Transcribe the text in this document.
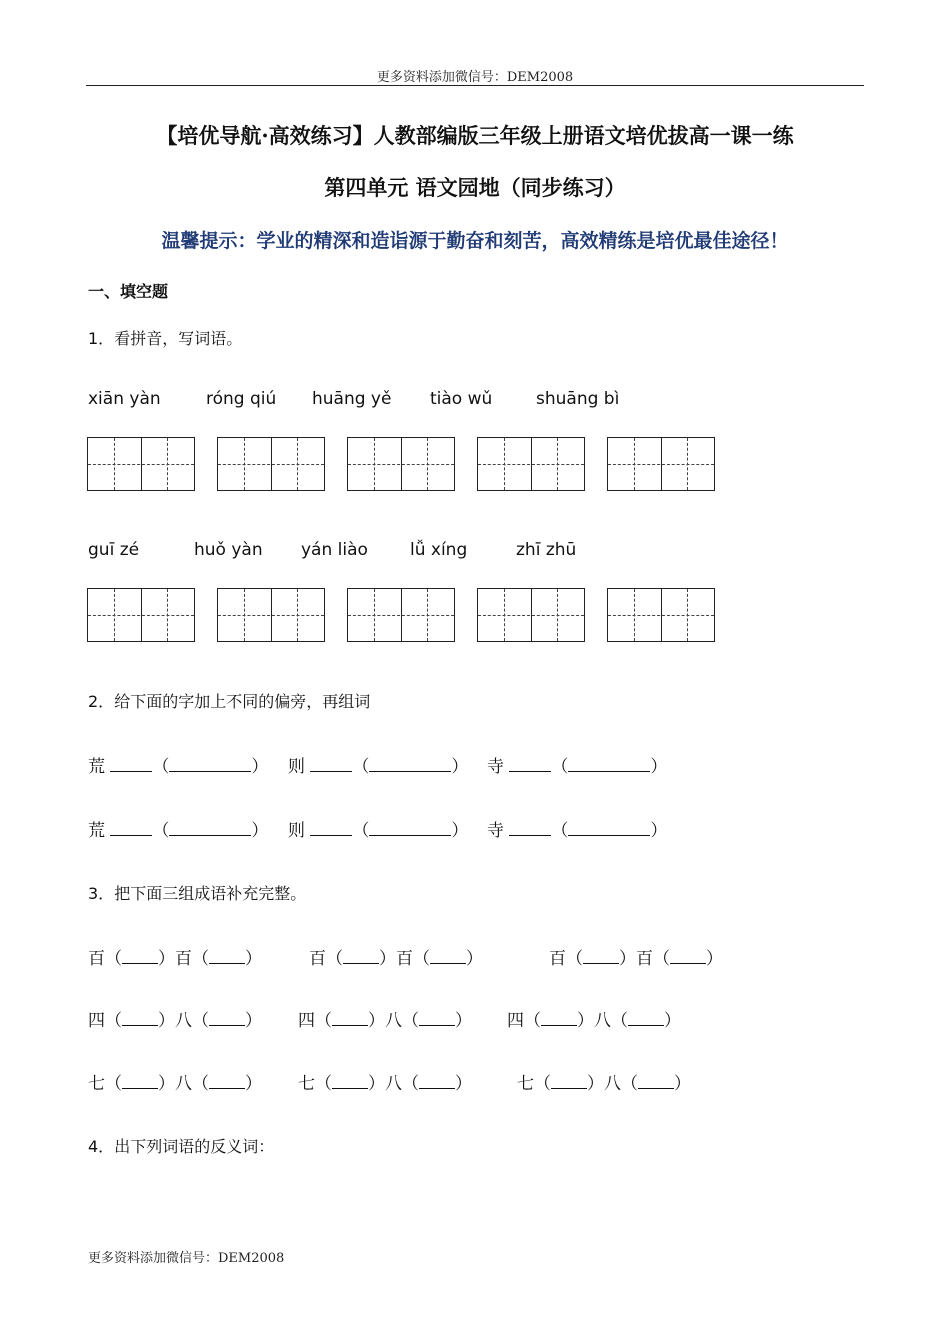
更多资料添加微信号：DEM2008
【培优导航·高效练习】人教部编版三年级上册语文培优拔高一课一练
第四单元 语文园地（同步练习）
温馨提示：学业的精深和造诣源于勤奋和刻苦，高效精练是培优最佳途径！
一、填空题
1．看拼音，写词语。
xiān yàn	róng qiú huāng yě tiào wǔ	shuāng bì
guī zé	huǒ yàn yán liào lǚ xíng	zhī zhū
2．给下面的字加上不同的偏旁，再组词
荒	（	） 则	（	） 寺	（	）
荒	（	） 则	（	） 寺	（	）
3．把下面三组成语补充完整。
百（ ）百（ ）	百（ ）百（ ）	百（ ）百（ ）
四（ ）八（ ） 四（ ）八（ ） 四（ ）八（ ）
七（ ）八（ ） 七（ ）八（ ）	七（ ）八（ ）
4．出下列词语的反义词：
更多资料添加微信号：DEM2008
